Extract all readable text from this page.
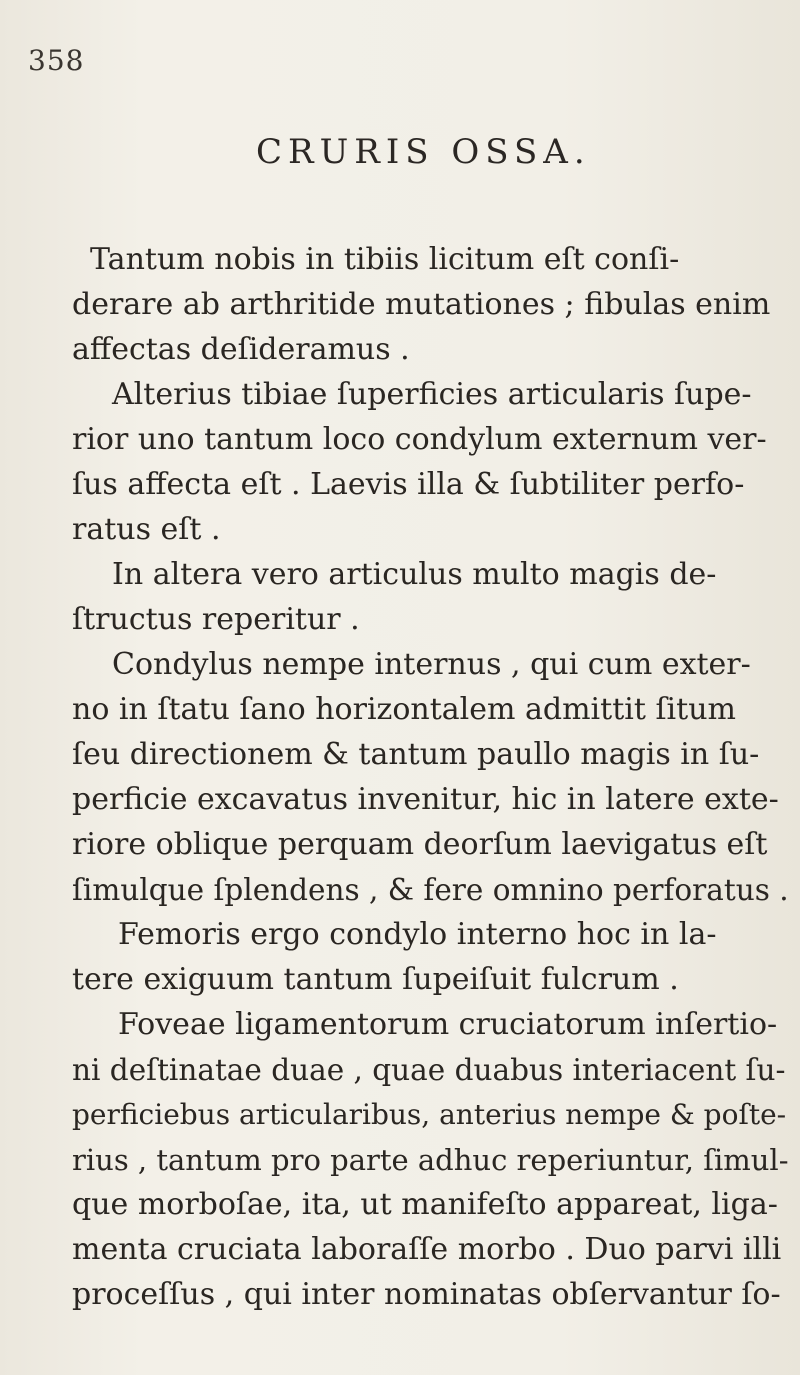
358
CRURIS OSSA.
Tantum nobis in tibiis licitum eſt conſi-
derare ab arthritide mutationes ; fibulas enim
affectas deſideramus .
Alterius tibiae ſuperficies articularis ſupe-
rior uno tantum loco condylum externum ver-
ſus affecta eſt . Laevis illa & ſubtiliter perfo-
ratus eſt .
In altera vero articulus multo magis de-
ſtructus reperitur .
Condylus nempe internus , qui cum exter-
no in ſtatu ſano horizontalem admittit ſitum
ſeu directionem & tantum paullo magis in ſu-
perficie excavatus invenitur, hic in latere exte-
riore oblique perquam deorſum laevigatus eſt
ſimulque ſplendens , & fere omnino perforatus .
Femoris ergo condylo interno hoc in la-
tere exiguum tantum ſupeiſuit fulcrum .
Foveae ligamentorum cruciatorum inſertio-
ni deſtinatae duae , quae duabus interiacent ſu-
perficiebus articularibus, anterius nempe & poſte-
rius , tantum pro parte adhuc reperiuntur, ſimul-
que morboſae, ita, ut manifeſto appareat, liga-
menta cruciata laboraſſe morbo . Duo parvi illi
proceſſus , qui inter nominatas obſervantur ſo-
